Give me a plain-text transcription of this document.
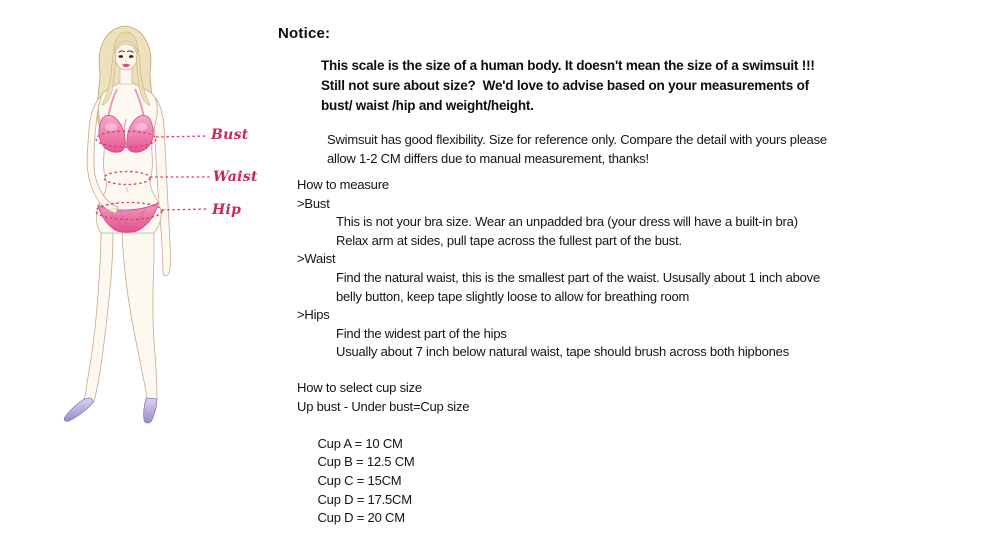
Bust
Waist
Hip
Notice:
This scale is the size of a human body. It doesn't mean the size of a swimsuit !!!
Still not sure about size?  We'd love to advise based on your measurements of
bust/ waist /hip and weight/height.
Swimsuit has good flexibility. Size for reference only. Compare the detail with yours please
allow 1-2 CM differs due to manual measurement, thanks!
How to measure
>Bust
This is not your bra size. Wear an unpadded bra (your dress will have a built-in bra)
Relax arm at sides, pull tape across the fullest part of the bust.
>Waist
Find the natural waist, this is the smallest part of the waist. Ususally about 1 inch above
belly button, keep tape slightly loose to allow for breathing room
>Hips
Find the widest part of the hips
Usually about 7 inch below natural waist, tape should brush across both hipbones
How to select cup size
Up bust - Under bust=Cup size

Cup A = 10 CM
Cup B = 12.5 CM
Cup C = 15CM
Cup D = 17.5CM
Cup D = 20 CM
